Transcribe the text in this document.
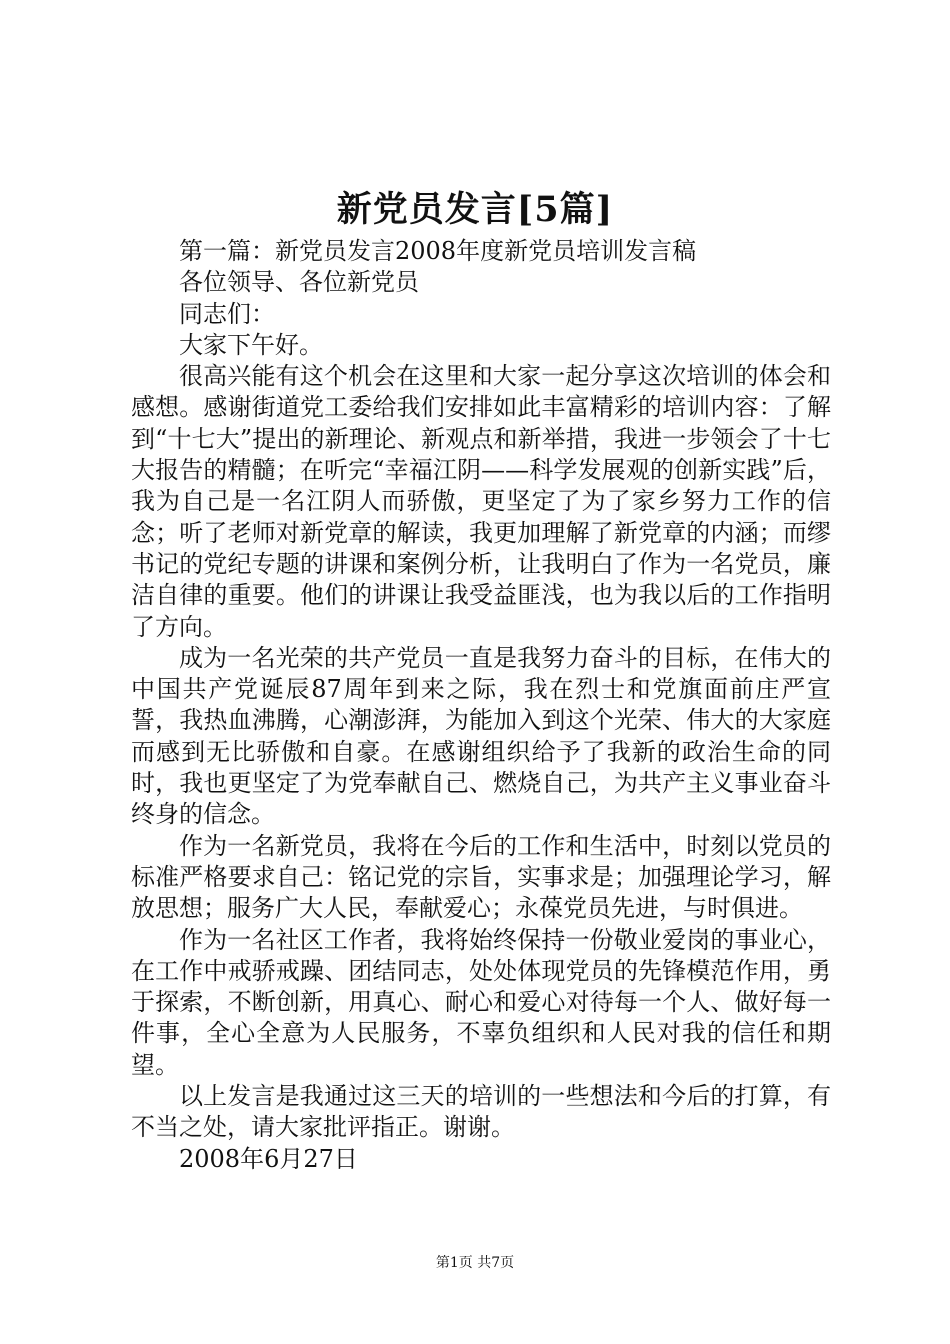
新党员发言[5篇]

第一篇：新党员发言2008年度新党员培训发言稿

各位领导、各位新党员

同志们：

大家下午好。

很高兴能有这个机会在这里和大家一起分享这次培训的体会和感想。感谢街道党工委给我们安排如此丰富精彩的培训内容：了解到“十七大”提出的新理论、新观点和新举措，我进一步领会了十七大报告的精髓；在听完“幸福江阴——科学发展观的创新实践”后，我为自己是一名江阴人而骄傲，更坚定了为了家乡努力工作的信念；听了老师对新党章的解读，我更加理解了新党章的内涵；而缪书记的党纪专题的讲课和案例分析，让我明白了作为一名党员，廉洁自律的重要。他们的讲课让我受益匪浅，也为我以后的工作指明了方向。

成为一名光荣的共产党员一直是我努力奋斗的目标，在伟大的中国共产党诞辰87周年到来之际，我在烈士和党旗面前庄严宣誓，我热血沸腾，心潮澎湃，为能加入到这个光荣、伟大的大家庭而感到无比骄傲和自豪。在感谢组织给予了我新的政治生命的同时，我也更坚定了为党奉献自己、燃烧自己，为共产主义事业奋斗终身的信念。

作为一名新党员，我将在今后的工作和生活中，时刻以党员的标准严格要求自己：铭记党的宗旨，实事求是；加强理论学习，解放思想；服务广大人民，奉献爱心；永葆党员先进，与时俱进。

作为一名社区工作者，我将始终保持一份敬业爱岗的事业心，在工作中戒骄戒躁、团结同志，处处体现党员的先锋模范作用，勇于探索，不断创新，用真心、耐心和爱心对待每一个人、做好每一件事，全心全意为人民服务，不辜负组织和人民对我的信任和期望。

以上发言是我通过这三天的培训的一些想法和今后的打算，有不当之处，请大家批评指正。谢谢。

2008年6月27日

第1页 共7页
